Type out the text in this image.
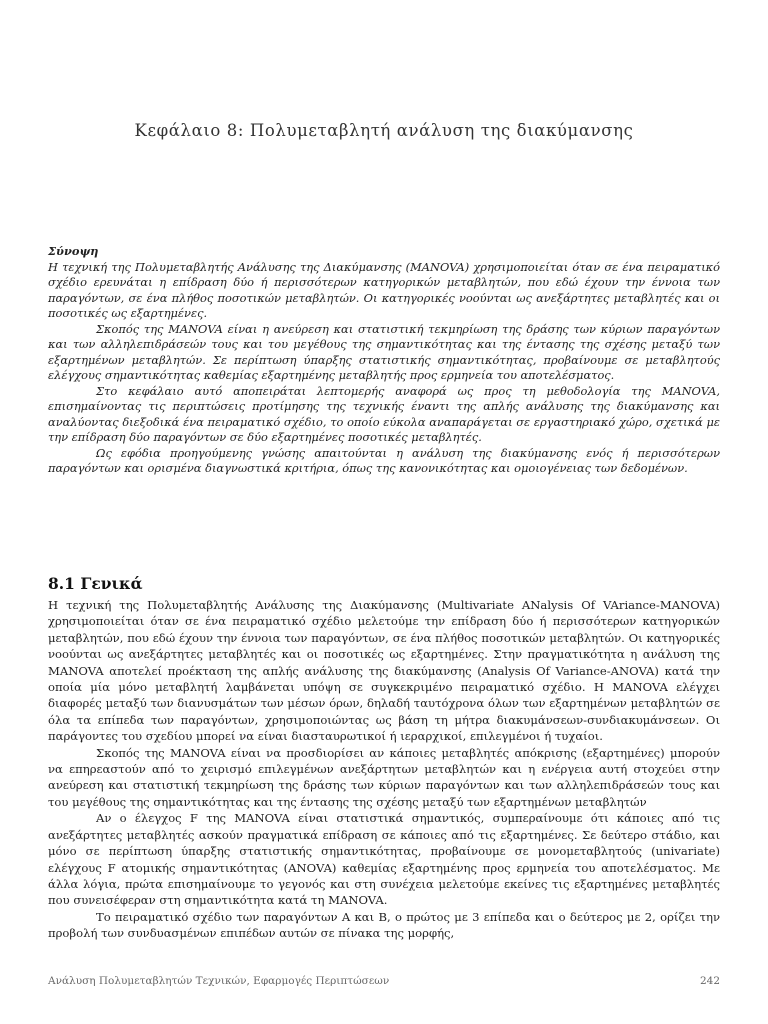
Κεφάλαιο 8: Πολυμεταβλητή ανάλυση της διακύμανσης
Σύνοψη

Η τεχνική της Πολυμεταβλητής Ανάλυσης της Διακύμανσης (MANOVA) χρησιμοποιείται όταν σε ένα πειραματικό σχέδιο ερευνάται η επίδραση δύο ή περισσότερων κατηγορικών μεταβλητών, που εδώ έχουν την έννοια των παραγόντων, σε ένα πλήθος ποσοτικών μεταβλητών. Οι κατηγορικές νοούνται ως ανεξάρτητες μεταβλητές και οι ποσοτικές ως εξαρτημένες.

Σκοπός της MANOVA είναι η ανεύρεση και στατιστική τεκμηρίωση της δράσης των κύριων παραγόντων και των αλληλεπιδράσεών τους και του μεγέθους της σημαντικότητας και της έντασης της σχέσης μεταξύ των εξαρτημένων μεταβλητών. Σε περίπτωση ύπαρξης στατιστικής σημαντικότητας, προβαίνουμε σε μεταβλητούς ελέγχους σημαντικότητας καθεμίας εξαρτημένης μεταβλητής προς ερμηνεία του αποτελέσματος.

Στο κεφάλαιο αυτό αποπειράται λεπτομερής αναφορά ως προς τη μεθοδολογία της MANOVA, επισημαίνοντας τις περιπτώσεις προτίμησης της τεχνικής έναντι της απλής ανάλυσης της διακύμανσης και αναλύοντας διεξοδικά ένα πειραματικό σχέδιο, το οποίο εύκολα αναπαράγεται σε εργαστηριακό χώρο, σχετικά με την επίδραση δύο παραγόντων σε δύο εξαρτημένες ποσοτικές μεταβλητές.

Ως εφόδια προηγούμενης γνώσης απαιτούνται η ανάλυση της διακύμανσης ενός ή περισσότερων παραγόντων και ορισμένα διαγνωστικά κριτήρια, όπως της κανονικότητας και ομοιογένειας των δεδομένων.

8.1 Γενικά

Η τεχνική της Πολυμεταβλητής Ανάλυσης της Διακύμανσης (Multivariate ANalysis Of VAriance-MANOVA) χρησιμοποιείται όταν σε ένα πειραματικό σχέδιο μελετούμε την επίδραση δύο ή περισσότερων κατηγορικών μεταβλητών, που εδώ έχουν την έννοια των παραγόντων, σε ένα πλήθος ποσοτικών μεταβλητών. Οι κατηγορικές νοούνται ως ανεξάρτητες μεταβλητές και οι ποσοτικές ως εξαρτημένες. Στην πραγματικότητα η ανάλυση της MANOVA αποτελεί προέκταση της απλής ανάλυσης της διακύμανσης (Analysis Of Variance-ANOVA) κατά την οποία μία μόνο μεταβλητή λαμβάνεται υπόψη σε συγκεκριμένο πειραματικό σχέδιο. Η MANOVA ελέγχει διαφορές μεταξύ των διανυσμάτων των μέσων όρων, δηλαδή ταυτόχρονα όλων των εξαρτημένων μεταβλητών σε όλα τα επίπεδα των παραγόντων, χρησιμοποιώντας ως βάση τη μήτρα διακυμάνσεων-συνδιακυμάνσεων. Οι παράγοντες του σχεδίου μπορεί να είναι διασταυρωτικοί ή ιεραρχικοί, επιλεγμένοι ή τυχαίοι.

Σκοπός της MANOVA είναι να προσδιορίσει αν κάποιες μεταβλητές απόκρισης (εξαρτημένες) μπορούν να επηρεαστούν από το χειρισμό επιλεγμένων ανεξάρτητων μεταβλητών και η ενέργεια αυτή στοχεύει στην ανεύρεση και στατιστική τεκμηρίωση της δράσης των κύριων παραγόντων και των αλληλεπιδράσεών τους και του μεγέθους της σημαντικότητας και της έντασης της σχέσης μεταξύ των εξαρτημένων μεταβλητών

Αν ο έλεγχος F της MANOVA είναι στατιστικά σημαντικός, συμπεραίνουμε ότι κάποιες από τις ανεξάρτητες μεταβλητές ασκούν πραγματικά επίδραση σε κάποιες από τις εξαρτημένες. Σε δεύτερο στάδιο, και μόνο σε περίπτωση ύπαρξης στατιστικής σημαντικότητας, προβαίνουμε σε μονομεταβλητούς (univariate) ελέγχους F ατομικής σημαντικότητας (ANOVA) καθεμίας εξαρτημένης προς ερμηνεία του αποτελέσματος. Με άλλα λόγια, πρώτα επισημαίνουμε το γεγονός και στη συνέχεια μελετούμε εκείνες τις εξαρτημένες μεταβλητές που συνεισέφεραν στη σημαντικότητα κατά τη MANOVA.

Το πειραματικό σχέδιο των παραγόντων A και B, ο πρώτος με 3 επίπεδα και ο δεύτερος με 2, ορίζει την προβολή των συνδυασμένων επιπέδων αυτών σε πίνακα της μορφής,

Ανάλυση Πολυμεταβλητών Τεχνικών, Εφαρμογές Περιπτώσεων	242
